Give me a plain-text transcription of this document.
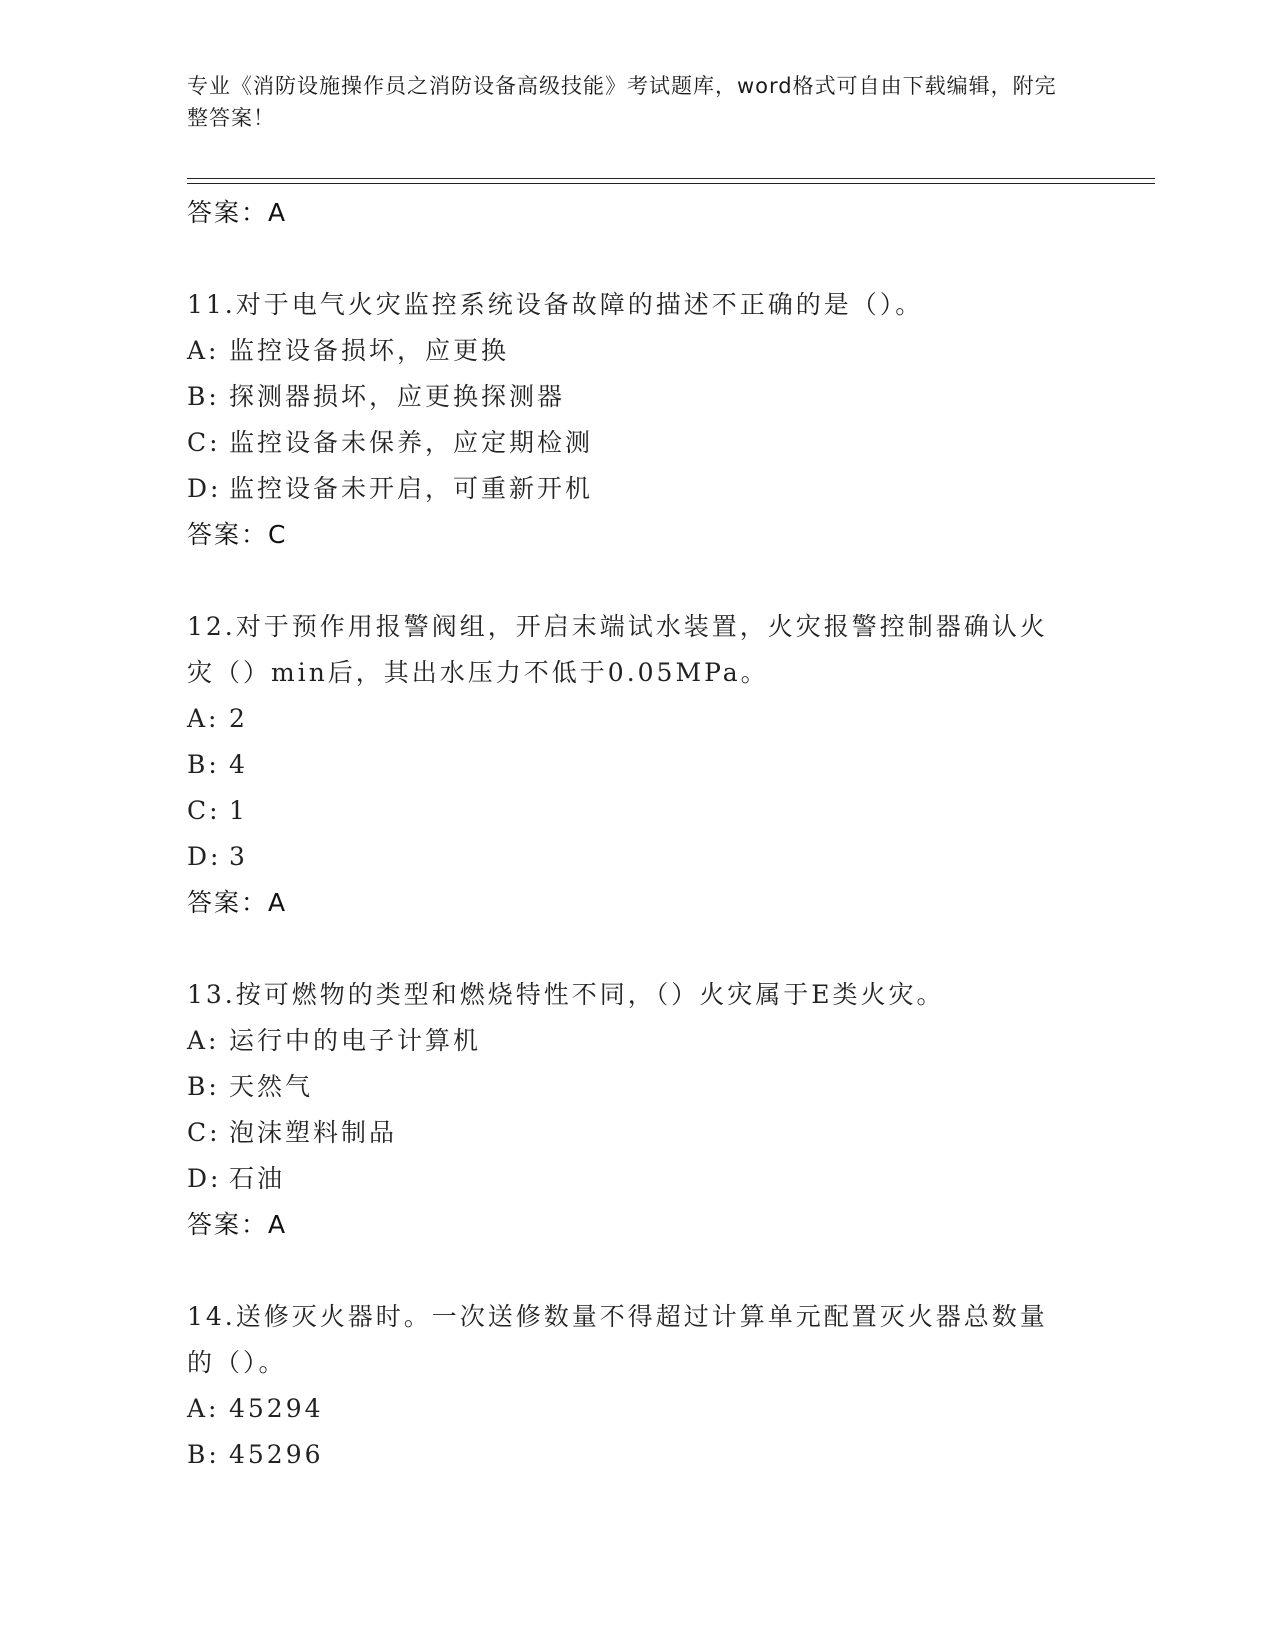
专业《消防设施操作员之消防设备高级技能》考试题库，word格式可自由下载编辑，附完整答案！
答案：A
11.对于电气火灾监控系统设备故障的描述不正确的是（）。
A: 监控设备损坏，应更换
B: 探测器损坏，应更换探测器
C: 监控设备未保养，应定期检测
D: 监控设备未开启，可重新开机
答案：C
12.对于预作用报警阀组，开启末端试水装置，火灾报警控制器确认火灾（）min后，其出水压力不低于0.05MPa。
A: 2
B: 4
C: 1
D: 3
答案：A
13.按可燃物的类型和燃烧特性不同，（）火灾属于E类火灾。
A: 运行中的电子计算机
B: 天然气
C: 泡沫塑料制品
D: 石油
答案：A
14.送修灭火器时。一次送修数量不得超过计算单元配置灭火器总数量的（）。
A: 45294
B: 45296
